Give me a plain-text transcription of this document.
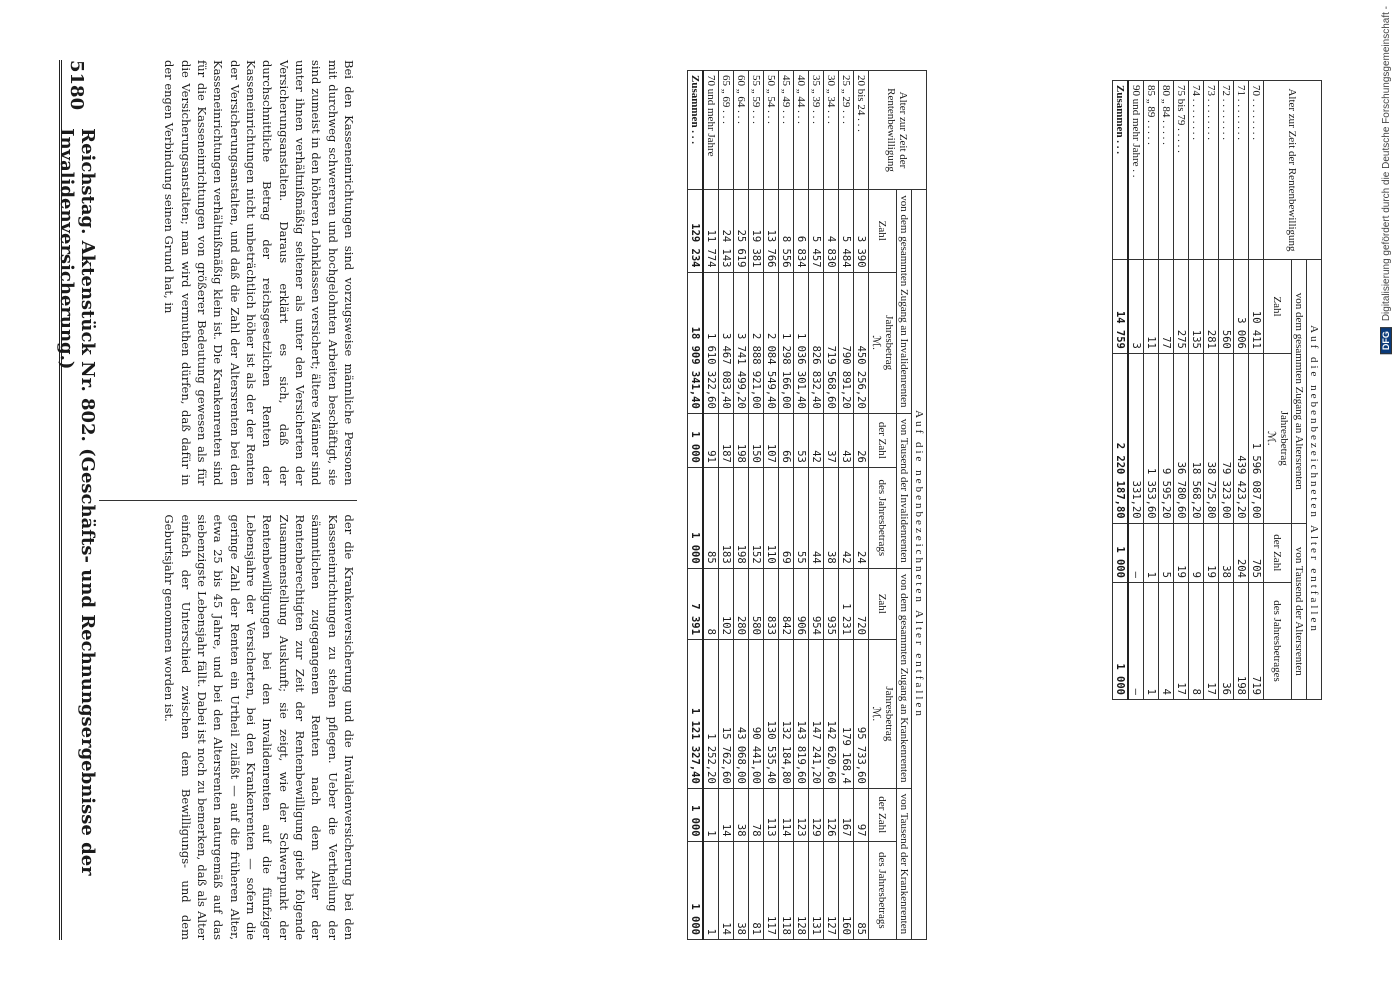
DFGDigitalisierung gefördert durch die Deutsche Forschungsgemeinschaft -
Alter zur Zeit der Rentenbewilligung	Auf die nebenbezeichneten Alter entfallen			
	von dem gesammten Zugang an Altersrenten		von Tausend der Altersrenten	
	Zahl	Jahresbetrag
ℳ.	der Zahl	des Jahresbetrages
70 . . . . . . . .	10 411	1 596 087,00	705	719
71 . . . . . . . .	3 006	439 423,20	204	198
72 . . . . . . . .	560	79 323,00	38	36
73 . . . . . . . .	281	38 725,80	19	17
74 . . . . . . . .	135	18 568,20	9	8
75 bis 79 . . . . .	275	36 780,60	19	17
80 „ 84 . . . . .	77	9 595,20	5	4
85 „ 89 . . . . .	11	1 353,60	1	1
90 und mehr Jahre . .	3	331,20	—	—
Zusammen . . .	14 759	2 220 187,80	1 000	1 000
Alter zur Zeit der Rentenbewilligung	Auf die nebenbezeichneten Alter entfallen							
	von dem gesammten Zugang an Invalidenrenten		von Tausend der Invalidenrenten		von dem gesammten Zugang an Krankenrenten		von Tausend der Krankenrenten	
	Zahl	Jahresbetrag
ℳ.	der Zahl	des Jahresbetrags	Zahl	Jahresbetrag
ℳ.	der Zahl	des Jahresbetrags
20 bis 24 . . .	3 390	450 256,20	26	24	720	95 733,60	97	85
25 „ 29 . . .	5 484	790 891,20	43	42	1 231	179 168,4	167	160
30 „ 34 . . .	4 830	719 568,60	37	38	935	142 620,60	126	127
35 „ 39 . . .	5 457	826 832,40	42	44	954	147 241,20	129	131
40 „ 44 . . .	6 834	1 036 301,40	53	55	906	143 819,60	123	128
45 „ 49 . . .	8 556	1 298 166,00	66	69	842	132 184,80	114	118
50 „ 54 . . .	13 766	2 084 549,40	107	110	833	130 535,40	113	117
55 „ 59 . . .	19 381	2 888 921,00	150	152	580	90 441,00	78	81
60 „ 64 . . .	25 619	3 741 499,20	198	198	280	43 068,00	38	38
65 „ 69 . . .	24 143	3 467 083,40	187	183	102	15 762,60	14	14
70 und mehr Jahre	11 774	1 610 322,60	91	85	8	1 252,20	1	1
Zusammen . . .	129 234	18 909 341,40	1 000	1 000	7 391	1 121 327,40	1 000	1 000
Bei den Kasseneinrichtungen sind vorzugsweise männliche Personen mit durchweg schwereren und hochgelohnten Arbeiten beschäftigt, sie sind zumeist in den höheren Lohnklassen versichert; ältere Männer sind unter ihnen verhältnißmäßig seltener als unter den Versicherten der Versicherungsanstalten. Daraus erklärt es sich, daß der durchschnittliche Betrag der reichsgesetzlichen Renten der Kasseneinrichtungen nicht unbeträchtlich höher ist als der der Renten der Versicherungsanstalten, und daß die Zahl der Altersrenten bei den Kasseneinrichtungen verhältnißmäßig klein ist. Die Krankenrenten sind für die Kasseneinrichtungen von größerer Bedeutung gewesen als für die Versicherungsanstalten; man wird vermuthen dürfen, daß dafür in der engen Verbindung seinen Grund hat, in
der die Krankenversicherung und die Invalidenversicherung bei den Kasseneinrichtungen zu stehen pflegen. Ueber die Vertheilung der sämmtlichen zugegangenen Renten nach dem Alter der Rentenberechtigten zur Zeit der Rentenbewilligung giebt folgende Zusammenstellung Auskunft; sie zeigt, wie der Schwerpunkt der Rentenbewilligungen bei den Invalidenrenten auf die fünfziger Lebensjahre der Versicherten, bei den Krankenrenten — sofern die geringe Zahl der Renten ein Urtheil zuläßt — auf die früheren Alter, etwa 25 bis 45 Jahre, und bei den Altersrenten naturgemäß auf das siebenzigste Lebensjahr fällt. Dabei ist noch zu bemerken, daß als Alter einfach der Unterschied zwischen dem Bewilligungs- und dem Geburtsjahr genommen worden ist.
5180
Reichstag. Aktenstück Nr. 802. (Geschäfts- und Rechnungsergebnisse der Invalidenversicherung.)
